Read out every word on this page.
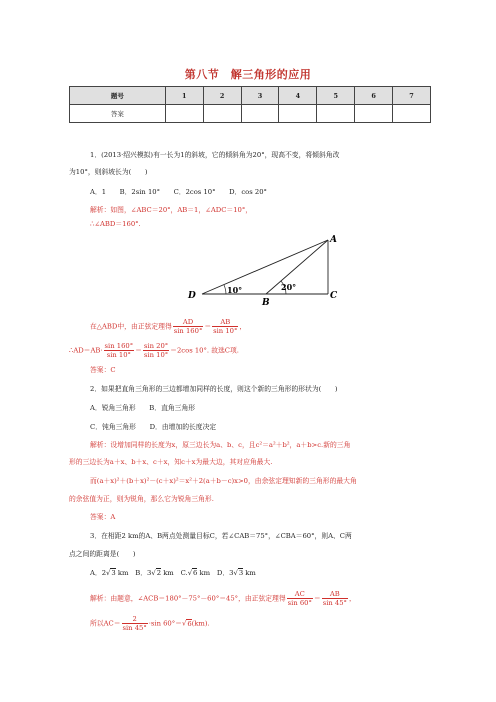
第八节　解三角形的应用
题号	1	2	3	4	5	6	7
答案							
1．(2013·绍兴模拟)有一长为1的斜坡，它的倾斜角为20°，现高不变，将倾斜角改
为10°，则斜坡长为(　　)
A．1　　B．2sin 10°　　C．2cos 10°　　D．cos 20°
解析：如图，∠ABC＝20°，AB＝1，∠ADC＝10°，
∴∠ABD＝160°.
A
B
C
D
10°	20°
在△ABD中，由正弦定理得 $\frac{AD}{\sin 160^\circ} = \frac{AB}{\sin 10^\circ}$ ，
∴AD＝AB· $\frac{\sin 160^\circ}{\sin 10^\circ} = \frac{\sin 20^\circ}{\sin 10^\circ} =2\cos$ 10°. 故选C项.
答案：C
2．如果把直角三角形的三边都增加同样的长度，则这个新的三角形的形状为(　　)
A．锐角三角形　　B．直角三角形
C．钝角三角形　　D．由增加的长度决定
解析：设增加同样的长度为x，原三边长为a、b、c，且c²＝a²＋b²，a＋b>c.新的三角
形的三边长为a＋x、b＋x、c＋x，知c＋x为最大边，其对应角最大.
而(a＋x)²＋(b＋x)²－(c＋x)²＝x²＋2(a＋b－c)x>0，由余弦定理知新的三角形的最大角
的余弦值为正，则为锐角，那么它为锐角三角形.
答案：A
3．在相距2 km的A、B两点处测量目标C，若∠CAB＝75°，∠CBA＝60°，则A、C两
点之间的距离是(　　)
A．2√3 km　B．3√2 km　C.√6 km　D．3√3 km
解析：由题意，∠ACB＝180°－75°－60°＝45°，由正弦定理得 $\frac{AC}{\sin 60^\circ} = \frac{AB}{\sin 45^\circ}$ ，
所以$AC= \frac{2}{\sin 45^\circ} \cdot\sin$ 60°＝√6(km).
